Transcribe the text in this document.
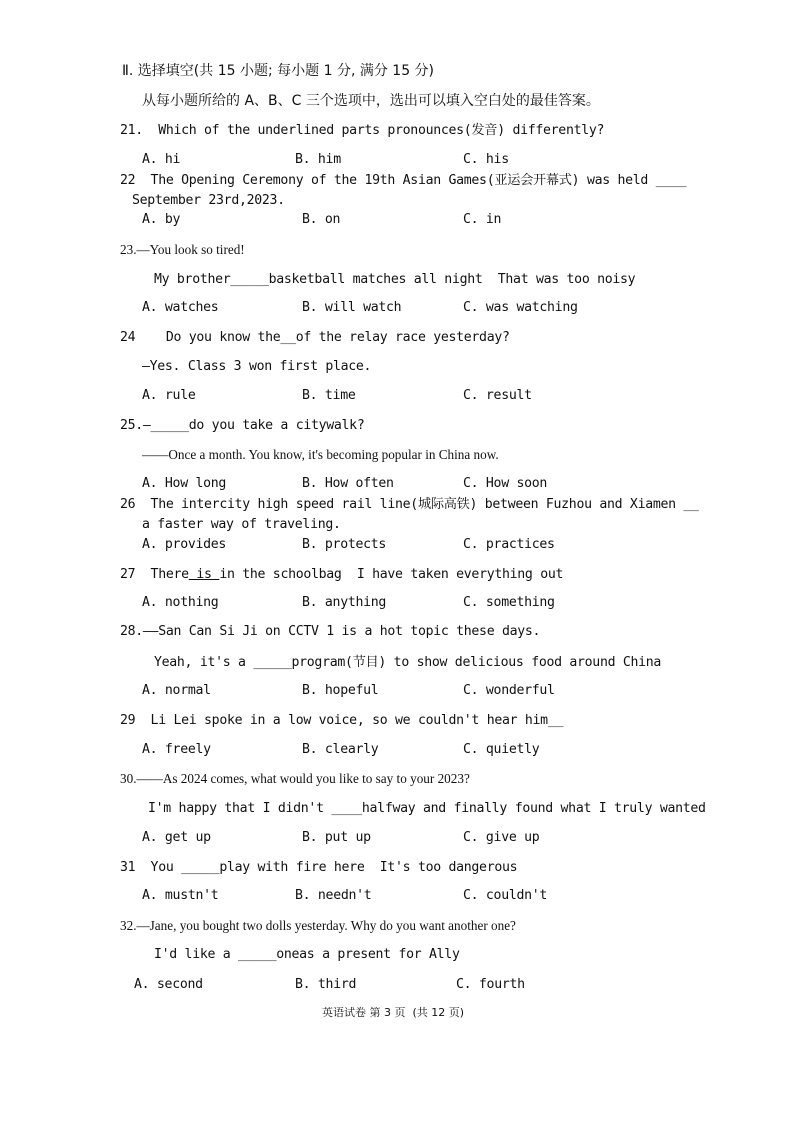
Ⅱ. 选择填空(共 15 小题; 每小题 1 分, 满分 15 分)
从每小题所给的 A、B、C 三个选项中，选出可以填入空白处的最佳答案。
21.  Which of the underlined parts pronounces(发音) differently?
A. hi	B. him	C. his
22  The Opening Ceremony of the 19th Asian Games(亚运会开幕式) was held ____
September 23rd,2023.
A. by	B. on	C. in
23.—You look so tired!
My brother_____basketball matches all night  That was too noisy
A. watches	B. will watch	C. was watching
24    Do you know the__of the relay race yesterday?
—Yes. Class 3 won first place.
A. rule	B. time	C. result
25.—_____do you take a citywalk?
——Once a month. You know, it's becoming popular in China now.
A. How long	B. How often	C. How soon
26  The intercity high speed rail line(城际高铁) between Fuzhou and Xiamen __
a faster way of traveling.
A. provides	B. protects	C. practices
27  There is in the schoolbag  I have taken everything out
A. nothing	B. anything	C. something
28.——San Can Si Ji on CCTV 1 is a hot topic these days.
Yeah, it's a _____program(节目) to show delicious food around China
A. normal	B. hopeful	C. wonderful
29  Li Lei spoke in a low voice, so we couldn't hear him__
A. freely	B. clearly	C. quietly
30.——As 2024 comes, what would you like to say to your 2023?
I'm happy that I didn't ____halfway and finally found what I truly wanted
A. get up	B. put up	C. give up
31  You _____play with fire here  It's too dangerous
A. mustn't	B. needn't	C. couldn't
32.—Jane, you bought two dolls yesterday. Why do you want another one?
I'd like a _____oneas a present for Ally
A. second	B. third	C. fourth
英语试卷 第 3 页  (共 12 页)
